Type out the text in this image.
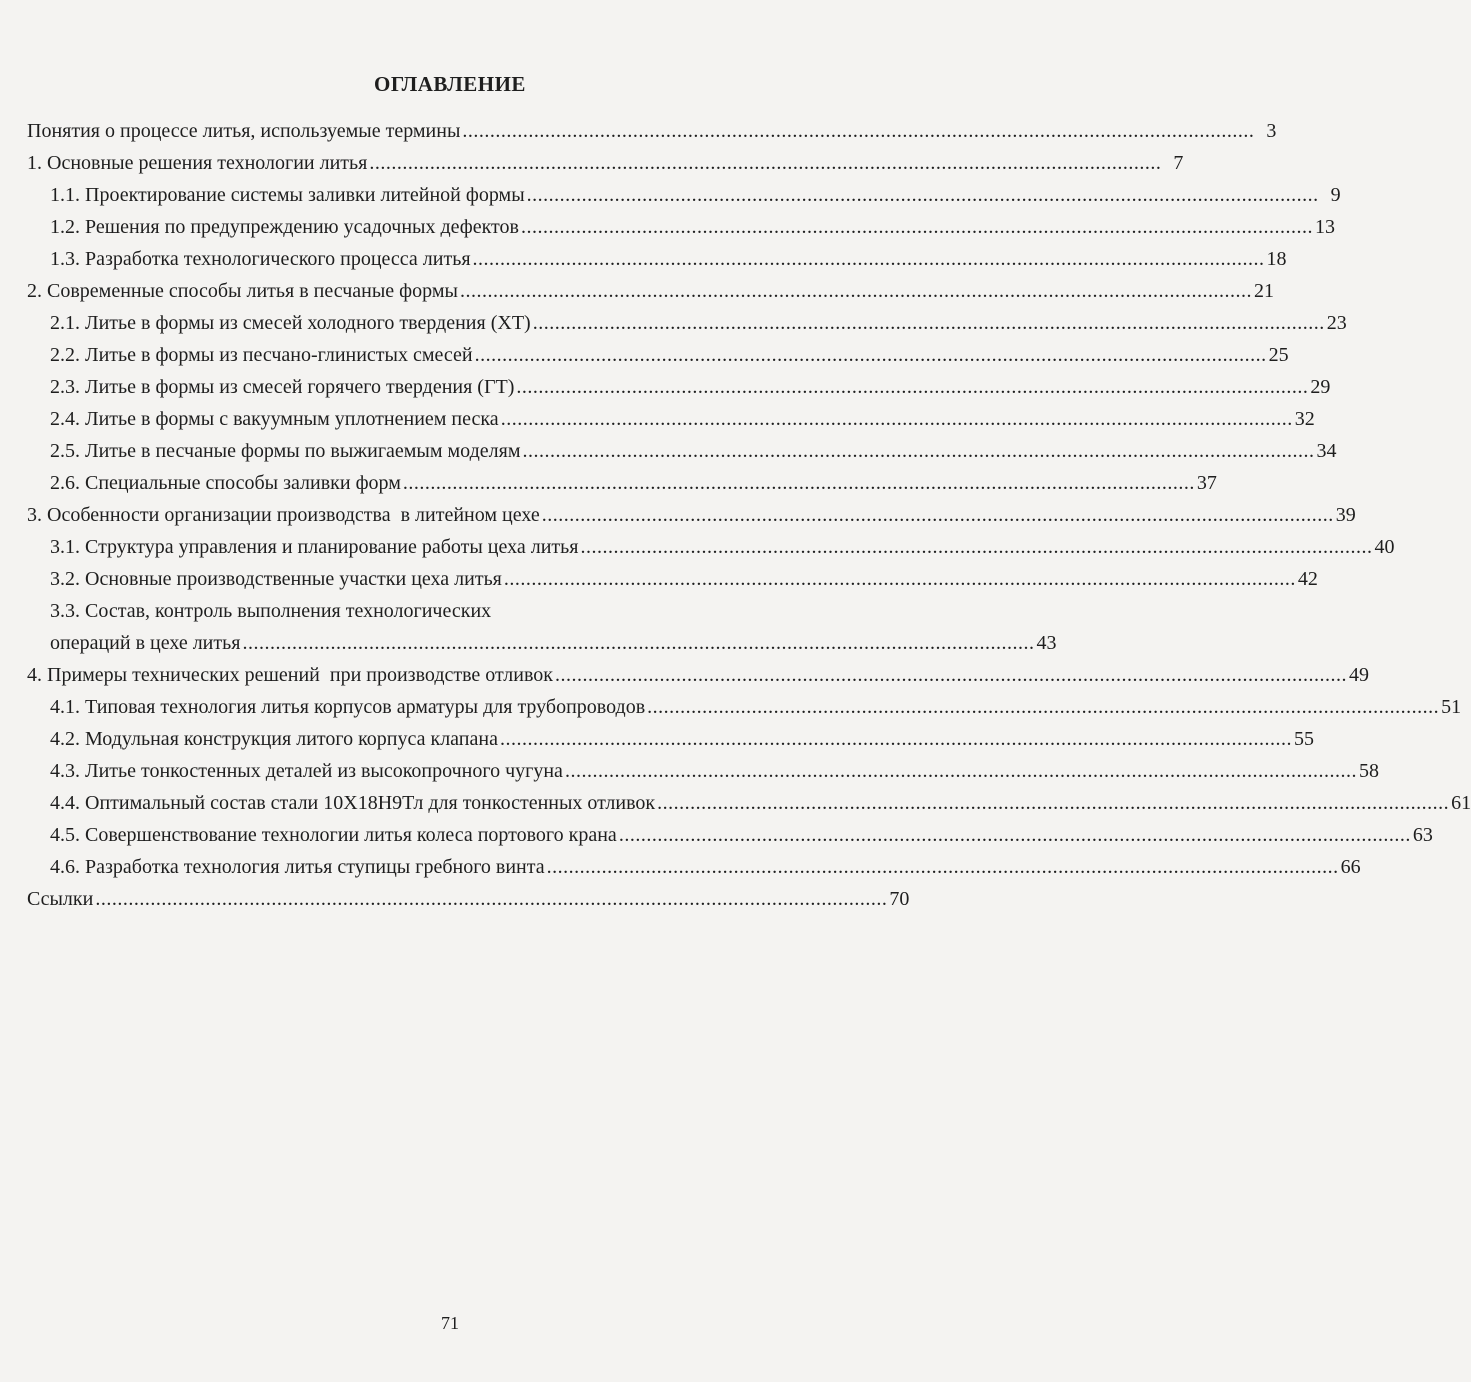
ОГЛАВЛЕНИЕ
Понятия о процессе литья, используемые термины ................................................................................................................................................ 3
1. Основные решения технологии литья ................................................................................................................................................ 7
1.1. Проектирование системы заливки литейной формы ................................................................................................................................................ 9
1.2. Решения по предупреждению усадочных дефектов ................................................................................................................................................ 13
1.3. Разработка технологического процесса литья ................................................................................................................................................ 18
2. Современные способы литья в песчаные формы ................................................................................................................................................ 21
2.1. Литье в формы из смесей холодного твердения (ХТ) ................................................................................................................................................ 23
2.2. Литье в формы из песчано-глинистых смесей ................................................................................................................................................ 25
2.3. Литье в формы из смесей горячего твердения (ГТ) ................................................................................................................................................ 29
2.4. Литье в формы с вакуумным уплотнением песка ................................................................................................................................................ 32
2.5. Литье в песчаные формы по выжигаемым моделям ................................................................................................................................................ 34
2.6. Специальные способы заливки форм ................................................................................................................................................ 37
3. Особенности организации производства  в литейном цехе ................................................................................................................................................ 39
3.1. Структура управления и планирование работы цеха литья ................................................................................................................................................ 40
3.2. Основные производственные участки цеха литья ................................................................................................................................................ 42
3.3. Состав, контроль выполнения технологических
операций в цехе литья ................................................................................................................................................ 43
4. Примеры технических решений  при производстве отливок ................................................................................................................................................ 49
4.1. Типовая технология литья корпусов арматуры для трубопроводов ................................................................................................................................................ 51
4.2. Модульная конструкция литого корпуса клапана ................................................................................................................................................ 55
4.3. Литье тонкостенных деталей из высокопрочного чугуна ................................................................................................................................................ 58
4.4. Оптимальный состав стали 10Х18Н9Тл для тонкостенных отливок ................................................................................................................................................ 61
4.5. Совершенствование технологии литья колеса портового крана ................................................................................................................................................ 63
4.6. Разработка технология литья ступицы гребного винта ................................................................................................................................................ 66
Ссылки ................................................................................................................................................ 70
71
